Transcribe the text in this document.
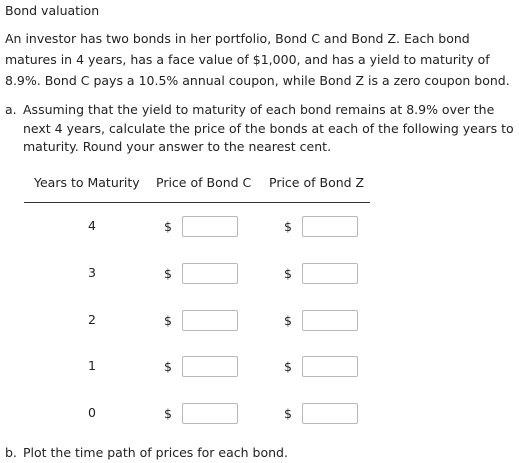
Bond valuation
An investor has two bonds in her portfolio, Bond C and Bond Z. Each bond matures in 4 years, has a face value of $1,000, and has a yield to maturity of 8.9%. Bond C pays a 10.5% annual coupon, while Bond Z is a zero coupon bond.
a. Assuming that the yield to maturity of each bond remains at 8.9% over the next 4 years, calculate the price of the bonds at each of the following years to maturity. Round your answer to the nearest cent.
Years to Maturity Price of Bond C Price of Bond Z
4	$	$
3	$	$
2	$	$
1	$	$
0	$	$
b. Plot the time path of prices for each bond.
